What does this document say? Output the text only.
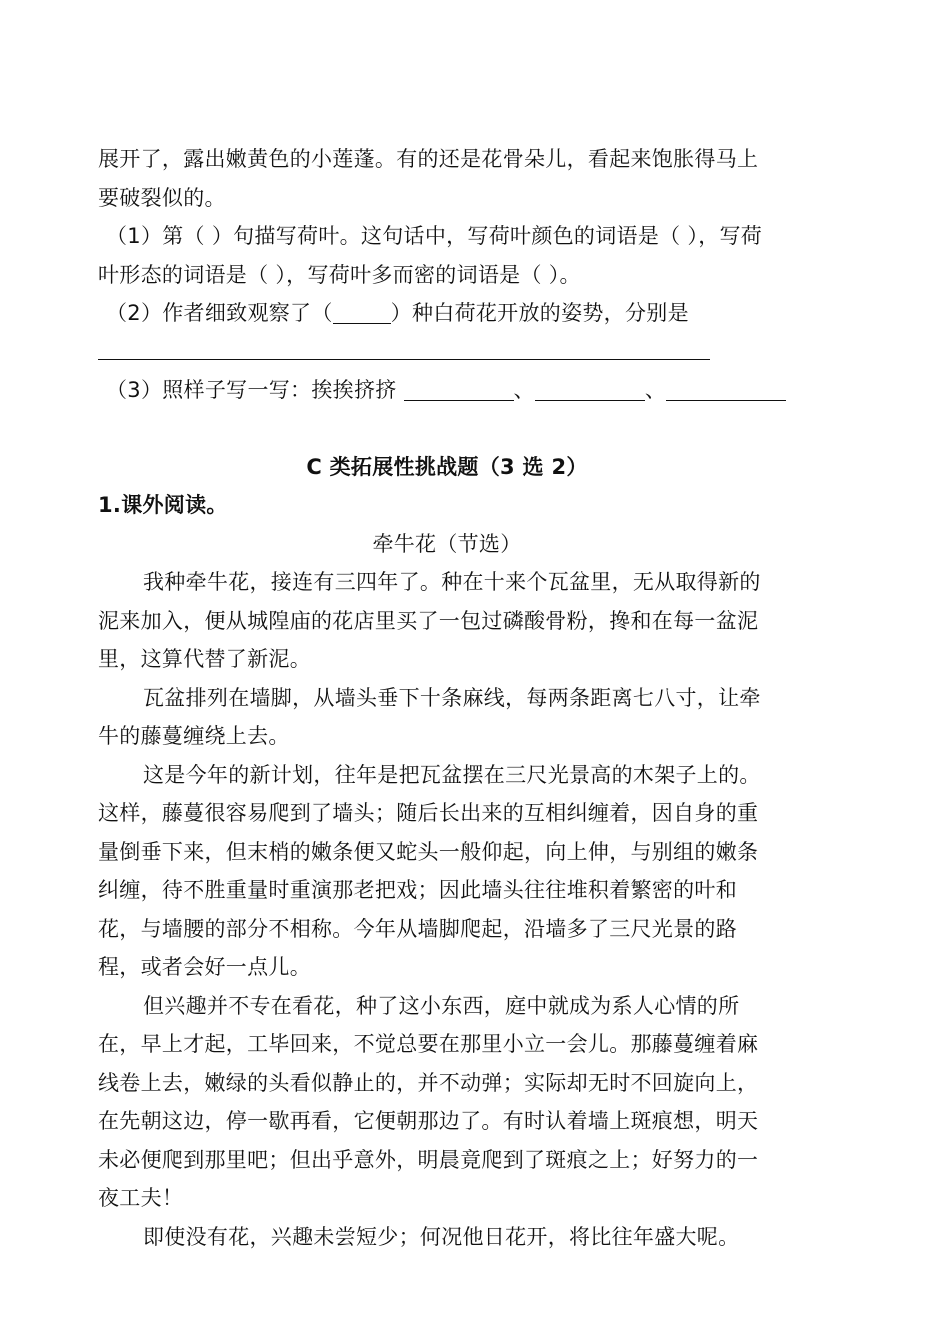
展开了，露出嫩黄色的小莲蓬。有的还是花骨朵儿，看起来饱胀得马上
要破裂似的。
（1）第（ ）句描写荷叶。这句话中，写荷叶颜色的词语是（ ），写荷
叶形态的词语是（ ），写荷叶多而密的词语是（ ）。
（2）作者细致观察了（	）种白荷花开放的姿势，分别是
（3）照样子写一写：挨挨挤挤	、	、
C 类拓展性挑战题（3 选 2）
1.课外阅读。
牵牛花（节选）
我种牵牛花，接连有三四年了。种在十来个瓦盆里，无从取得新的
泥来加入，便从城隍庙的花店里买了一包过磷酸骨粉，搀和在每一盆泥
里，这算代替了新泥。
瓦盆排列在墙脚，从墙头垂下十条麻线，每两条距离七八寸，让牵
牛的藤蔓缠绕上去。
这是今年的新计划，往年是把瓦盆摆在三尺光景高的木架子上的。
这样，藤蔓很容易爬到了墙头；随后长出来的互相纠缠着，因自身的重
量倒垂下来，但末梢的嫩条便又蛇头一般仰起，向上伸，与别组的嫩条
纠缠，待不胜重量时重演那老把戏；因此墙头往往堆积着繁密的叶和
花，与墙腰的部分不相称。今年从墙脚爬起，沿墙多了三尺光景的路
程，或者会好一点儿。
但兴趣并不专在看花，种了这小东西，庭中就成为系人心情的所
在，早上才起，工毕回来，不觉总要在那里小立一会儿。那藤蔓缠着麻
线卷上去，嫩绿的头看似静止的，并不动弹；实际却无时不回旋向上，
在先朝这边，停一歇再看，它便朝那边了。有时认着墙上斑痕想，明天
未必便爬到那里吧；但出乎意外，明晨竟爬到了斑痕之上；好努力的一
夜工夫！
即使没有花，兴趣未尝短少；何况他日花开，将比往年盛大呢。
